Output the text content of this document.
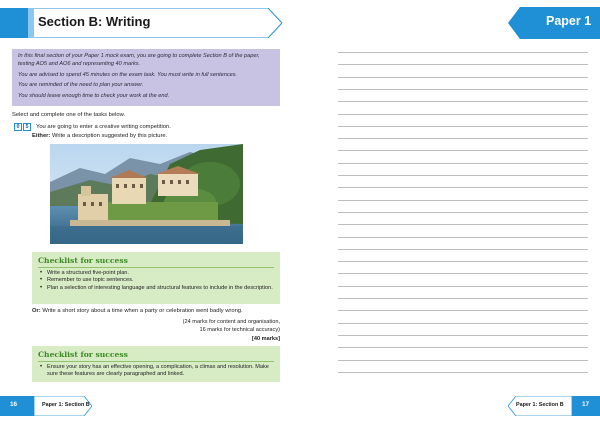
Section B: Writing

In this final section of your Paper 1 mock exam, you are going to complete Section B of the paper, testing AO5 and AO6 and representing 40 marks.

You are advised to spend 45 minutes on the exam task. You must write in full sentences.

You are reminded of the need to plan your answer.

You should leave enough time to check your work at the end.

Select and complete one of the tasks below.
0	5	You are going to enter a creative writing competition.
Either: Write a description suggested by this picture.
Checklist for success
• Write a structured five-point plan.
• Remember to use topic sentences.
• Plan a selection of interesting language and structural features to include in the description.
Or: Write a short story about a time when a party or celebration went badly wrong.
(24 marks for content and organisation,
16 marks for technical accuracy)
[40 marks]
Checklist for success
• Ensure your story has an effective opening, a complication, a climax and resolution. Make sure these features are clearly paragraphed and linked.
16	Paper 1: Section B
Paper 1
Paper 1: Section B	17
